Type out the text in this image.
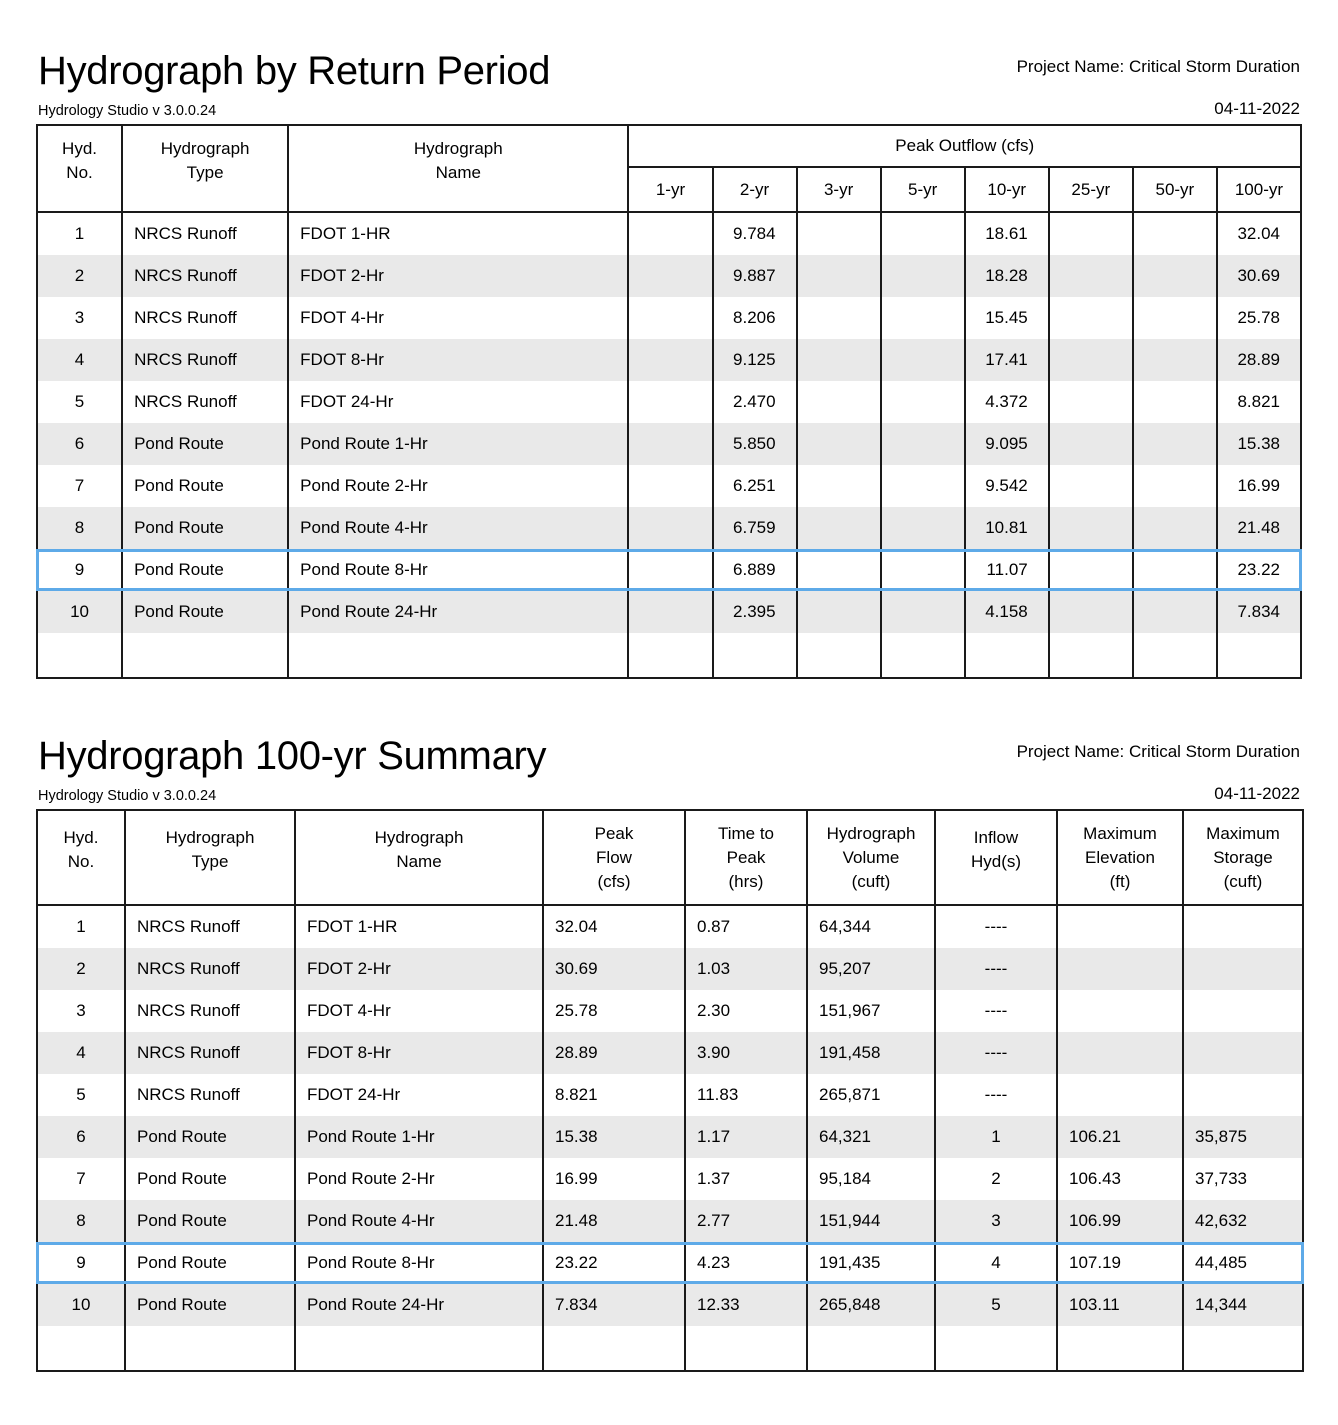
Hydrograph by Return Period
Hydrology Studio v 3.0.0.24
Project Name: Critical Storm Duration
04-11-2022
Hyd.
No.

Hydrograph
Type

Hydrograph
Name
	Peak Outflow (cfs)
			1-yr	2-yr	3-yr	5-yr	10-yr	25-yr	50-yr	100-yr

1	NRCS Runoff	FDOT 1-HR		9.784			18.61			32.04

2	NRCS Runoff	FDOT 2-Hr		9.887			18.28			30.69

3	NRCS Runoff	FDOT 4-Hr		8.206			15.45			25.78

4	NRCS Runoff	FDOT 8-Hr		9.125			17.41			28.89

5	NRCS Runoff	FDOT 24-Hr		2.470			4.372			8.821

6	Pond Route	Pond Route 1-Hr		5.850			9.095			15.38

7	Pond Route	Pond Route 2-Hr		6.251			9.542			16.99

8	Pond Route	Pond Route 4-Hr		6.759			10.81			21.48

9	Pond Route	Pond Route 8-Hr		6.889			11.07			23.22

10	Pond Route	Pond Route 24-Hr		2.395			4.158			7.834

Hydrograph 100-yr Summary
Hydrology Studio v 3.0.0.24
Project Name: Critical Storm Duration
04-11-2022
Hyd.
No.

Hydrograph
Type

Hydrograph
Name

Peak
Flow
(cfs)

Time to
Peak
(hrs)

Hydrograph
Volume
(cuft)

Inflow
Hyd(s)

Maximum
Elevation
(ft)

Maximum
Storage
(cuft)

1	NRCS Runoff	FDOT 1-HR	32.04	0.87	64,344	----		

2	NRCS Runoff	FDOT 2-Hr	30.69	1.03	95,207	----		

3	NRCS Runoff	FDOT 4-Hr	25.78	2.30	151,967	----		

4	NRCS Runoff	FDOT 8-Hr	28.89	3.90	191,458	----		

5	NRCS Runoff	FDOT 24-Hr	8.821	11.83	265,871	----		

6	Pond Route	Pond Route 1-Hr	15.38	1.17	64,321	1	106.21	35,875

7	Pond Route	Pond Route 2-Hr	16.99	1.37	95,184	2	106.43	37,733

8	Pond Route	Pond Route 4-Hr	21.48	2.77	151,944	3	106.99	42,632

9	Pond Route	Pond Route 8-Hr	23.22	4.23	191,435	4	107.19	44,485

10	Pond Route	Pond Route 24-Hr	7.834	12.33	265,848	5	103.11	14,344
